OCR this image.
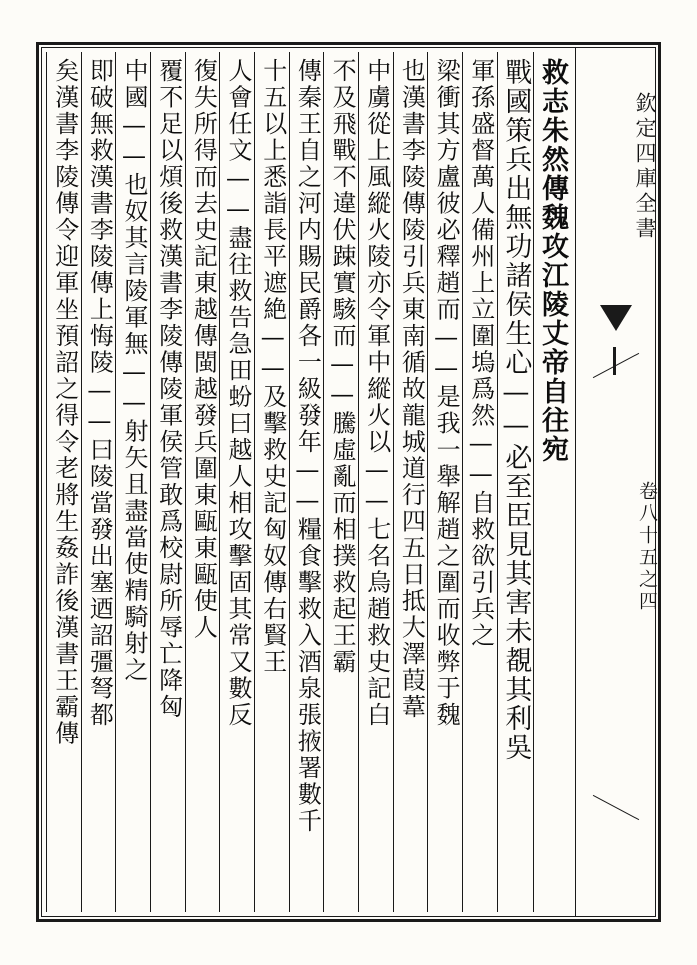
救志朱然傳魏攻江陵丈帝自往宛
戰國策兵出無功諸侯生心——必至臣見其害未覩其利吳
軍孫盛督萬人備州上立圍塢爲然——自救欲引兵之
梁衝其方盧彼必釋趙而——是我一舉解趙之圍而收弊于魏
也漢書李陵傳陵引兵東南循故龍城道行四五日抵大澤葭葦
中虜從上風縱火陵亦令軍中縱火以——七名烏趙救史記白
不及飛戰不違伏踈實駭而——騰虛亂而相撲救起王霸
傳秦王自之河内賜民爵各一級發年——糧食擊救入酒泉張掖署數千
十五以上悉詣長平遮絶——及擊救史記匈奴傳右賢王
人會任文——盡往救告急田蚡曰越人相攻擊固其常又數反
復失所得而去史記東越傳閩越發兵圍東甌東甌使人
覆不足以煩後救漢書李陵傳陵軍侯管敢爲校尉所辱亡降匈
中國——也奴其言陵軍無——射矢且盡當使精騎射之
即破無救漢書李陵傳上悔陵——曰陵當發出塞迺詔彊弩都
矣漢書李陵傳令迎軍坐預詔之得令老將生姦詐後漢書王霸傳	欽定四庫全書
卷八十五之四
